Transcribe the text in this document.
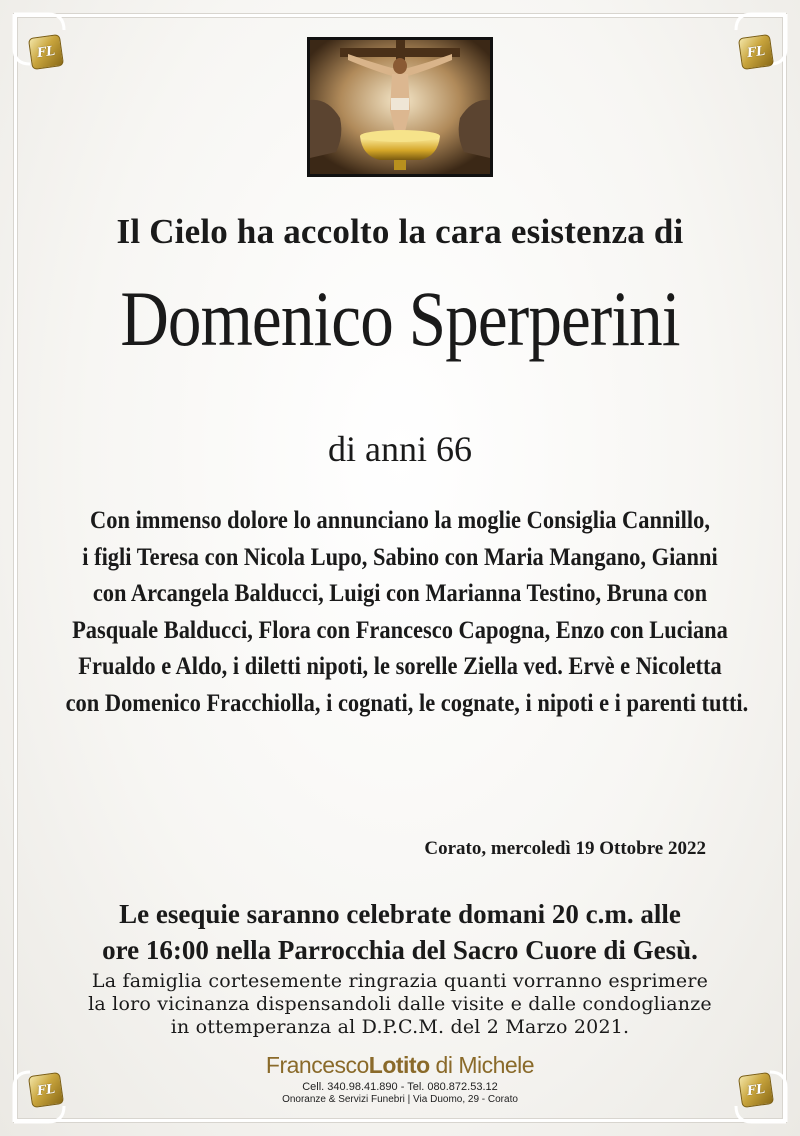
FL	FL
FL	FL
Il Cielo ha accolto la cara esistenza di
Domenico Sperperini
di anni 66
Con immenso dolore lo annunciano la moglie Consiglia Cannillo,
i figli Teresa con Nicola Lupo, Sabino con Maria Mangano, Gianni
con Arcangela Balducci, Luigi con Marianna Testino, Bruna con
Pasquale Balducci, Flora con Francesco Capogna, Enzo con Luciana
Frualdo e Aldo, i diletti nipoti, le sorelle Ziella ved. Ervè e Nicoletta
con Domenico Fracchiolla, i cognati, le cognate, i nipoti e i parenti tutti.
Corato, mercoledì 19 Ottobre 2022
Le esequie saranno celebrate domani 20 c.m. alle
ore 16:00 nella Parrocchia del Sacro Cuore di Gesù.
La famiglia cortesemente ringrazia quanti vorranno esprimere
la loro vicinanza dispensandoli dalle visite e dalle condoglianze
in ottemperanza al D.P.C.M. del 2 Marzo 2021.
FrancescoLotito di Michele
Cell. 340.98.41.890 - Tel. 080.872.53.12
Onoranze & Servizi Funebri | Via Duomo, 29 - Corato
